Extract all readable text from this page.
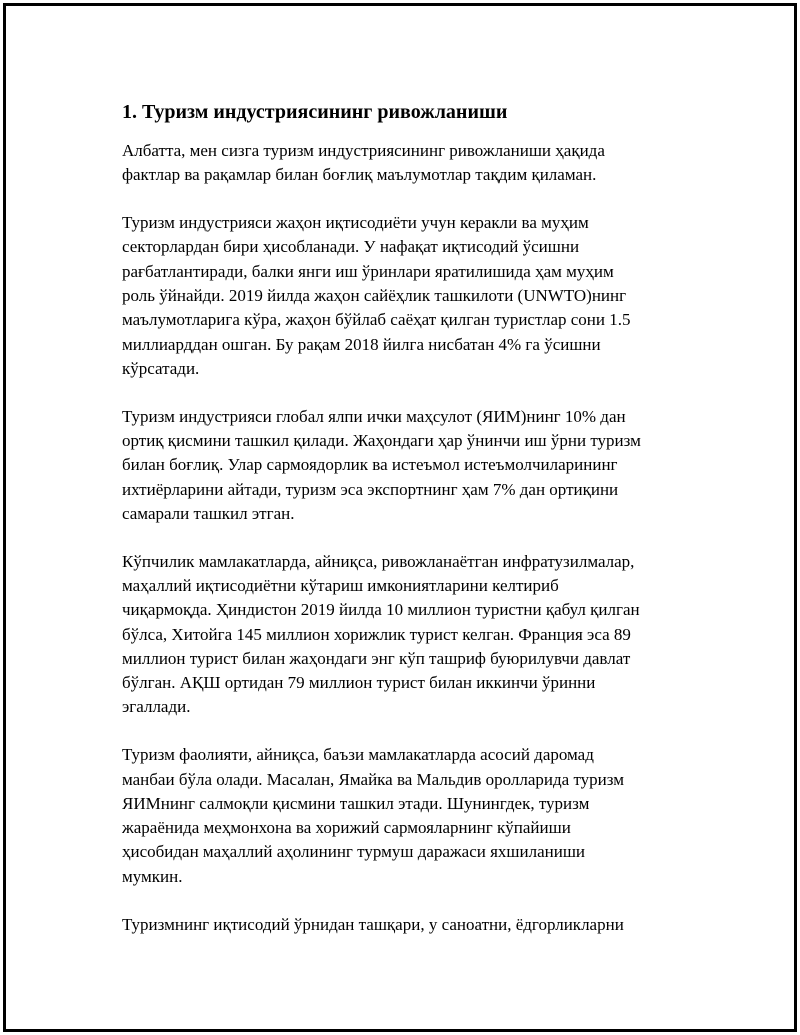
1. Туризм индустриясининг ривожланиши

Албатта, мен сизга туризм индустриясининг ривожланиши ҳақида
фактлар ва рақамлар билан боғлиқ маълумотлар тақдим қиламан.

Туризм индустрияси жаҳон иқтисодиёти учун керакли ва муҳим
секторлардан бири ҳисобланади. У нафақат иқтисодий ўсишни
рағбатлантиради, балки янги иш ўринлари яратилишида ҳам муҳим
роль ўйнайди. 2019 йилда жаҳон сайёҳлик ташкилоти (UNWTO)нинг
маълумотларига кўра, жаҳон бўйлаб саёҳат қилган туристлар сони 1.5
миллиарддан ошган. Бу рақам 2018 йилга нисбатан 4% га ўсишни
кўрсатади.

Туризм индустрияси глобал ялпи ички маҳсулот (ЯИМ)нинг 10% дан
ортиқ қисмини ташкил қилади. Жаҳондаги ҳар ўнинчи иш ўрни туризм
билан боғлиқ. Улар сармоядорлик ва истеъмол истеъмолчиларининг
ихтиёрларини айтади, туризм эса экспортнинг ҳам 7% дан ортиқини
самарали ташкил этган.

Кўпчилик мамлакатларда, айниқса, ривожланаётган инфратузилмалар,
маҳаллий иқтисодиётни кўтариш имкониятларини келтириб
чиқармоқда. Ҳиндистон 2019 йилда 10 миллион туристни қабул қилган
бўлса, Хитойга 145 миллион хорижлик турист келган. Франция эса 89
миллион турист билан жаҳондаги энг кўп ташриф буюрилувчи давлат
бўлган. АҚШ ортидан 79 миллион турист билан иккинчи ўринни
эгаллади.

Туризм фаолияти, айниқса, баъзи мамлакатларда асосий даромад
манбаи бўла олади. Масалан, Ямайка ва Мальдив оролларида туризм
ЯИМнинг салмоқли қисмини ташкил этади. Шунингдек, туризм
жараёнида меҳмонхона ва хорижий сармояларнинг кўпайиши
ҳисобидан маҳаллий аҳолининг турмуш даражаси яхшиланиши
мумкин.

Туризмнинг иқтисодий ўрнидан ташқари, у саноатни, ёдгорликларни
